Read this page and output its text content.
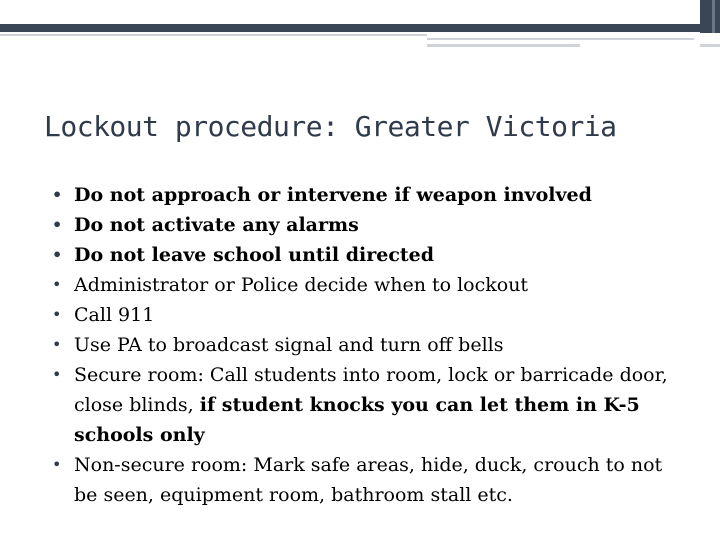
Lockout procedure: Greater Victoria
• Do not approach or intervene if weapon involved
• Do not activate any alarms
• Do not leave school until directed
• Administrator or Police decide when to lockout
• Call 911
• Use PA to broadcast signal and turn off bells
• Secure room: Call students into room, lock or barricade door, close blinds, if student knocks you can let them in K-5 schools only
• Non-secure room: Mark safe areas, hide, duck, crouch to not be seen, equipment room, bathroom stall etc.
